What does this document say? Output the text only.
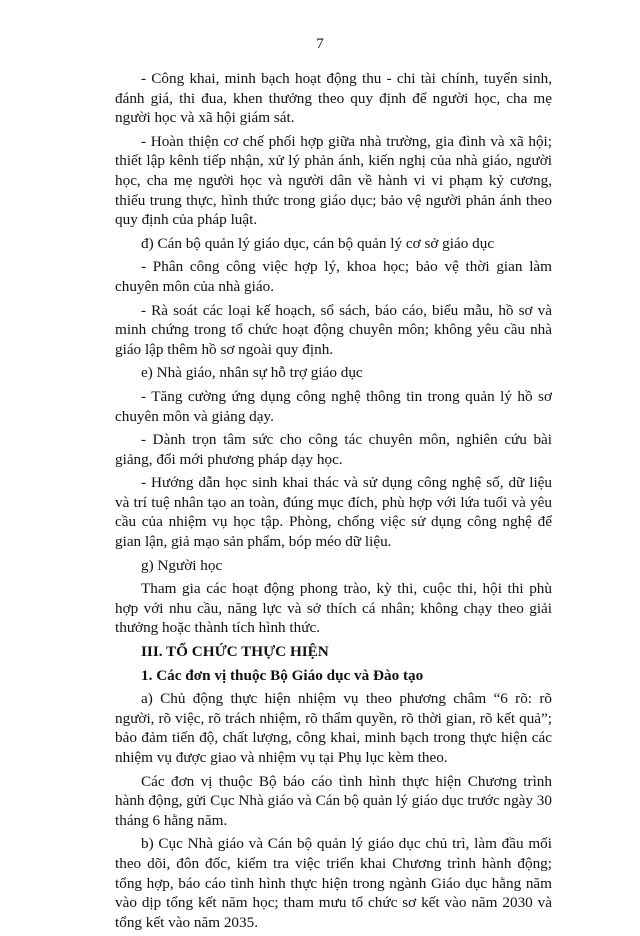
7

- Công khai, minh bạch hoạt động thu - chi tài chính, tuyển sinh, đánh giá, thi đua, khen thưởng theo quy định để người học, cha mẹ người học và xã hội giám sát.

- Hoàn thiện cơ chế phối hợp giữa nhà trường, gia đình và xã hội; thiết lập kênh tiếp nhận, xử lý phản ánh, kiến nghị của nhà giáo, người học, cha mẹ người học và người dân về hành vi vi phạm kỷ cương, thiếu trung thực, hình thức trong giáo dục; bảo vệ người phản ánh theo quy định của pháp luật.

đ) Cán bộ quản lý giáo dục, cán bộ quản lý cơ sở giáo dục

- Phân công công việc hợp lý, khoa học; bảo vệ thời gian làm chuyên môn của nhà giáo.

- Rà soát các loại kế hoạch, sổ sách, báo cáo, biểu mẫu, hồ sơ và minh chứng trong tổ chức hoạt động chuyên môn; không yêu cầu nhà giáo lập thêm hồ sơ ngoài quy định.

e) Nhà giáo, nhân sự hỗ trợ giáo dục

- Tăng cường ứng dụng công nghệ thông tin trong quản lý hồ sơ chuyên môn và giảng dạy.

- Dành trọn tâm sức cho công tác chuyên môn, nghiên cứu bài giảng, đổi mới phương pháp dạy học.

- Hướng dẫn học sinh khai thác và sử dụng công nghệ số, dữ liệu và trí tuệ nhân tạo an toàn, đúng mục đích, phù hợp với lứa tuổi và yêu cầu của nhiệm vụ học tập. Phòng, chống việc sử dụng công nghệ để gian lận, giả mạo sản phẩm, bóp méo dữ liệu.

g) Người học

Tham gia các hoạt động phong trào, kỳ thi, cuộc thi, hội thi phù hợp với nhu cầu, năng lực và sở thích cá nhân; không chạy theo giải thưởng hoặc thành tích hình thức.

III. TỔ CHỨC THỰC HIỆN

1. Các đơn vị thuộc Bộ Giáo dục và Đào tạo

a) Chủ động thực hiện nhiệm vụ theo phương châm “6 rõ: rõ người, rõ việc, rõ trách nhiệm, rõ thẩm quyền, rõ thời gian, rõ kết quả”; bảo đảm tiến độ, chất lượng, công khai, minh bạch trong thực hiện các nhiệm vụ được giao và nhiệm vụ tại Phụ lục kèm theo.

Các đơn vị thuộc Bộ báo cáo tình hình thực hiện Chương trình hành động, gửi Cục Nhà giáo và Cán bộ quản lý giáo dục trước ngày 30 tháng 6 hằng năm.

b) Cục Nhà giáo và Cán bộ quản lý giáo dục chủ trì, làm đầu mối theo dõi, đôn đốc, kiểm tra việc triển khai Chương trình hành động; tổng hợp, báo cáo tình hình thực hiện trong ngành Giáo dục hằng năm vào dịp tổng kết năm học; tham mưu tổ chức sơ kết vào năm 2030 và tổng kết vào năm 2035.
